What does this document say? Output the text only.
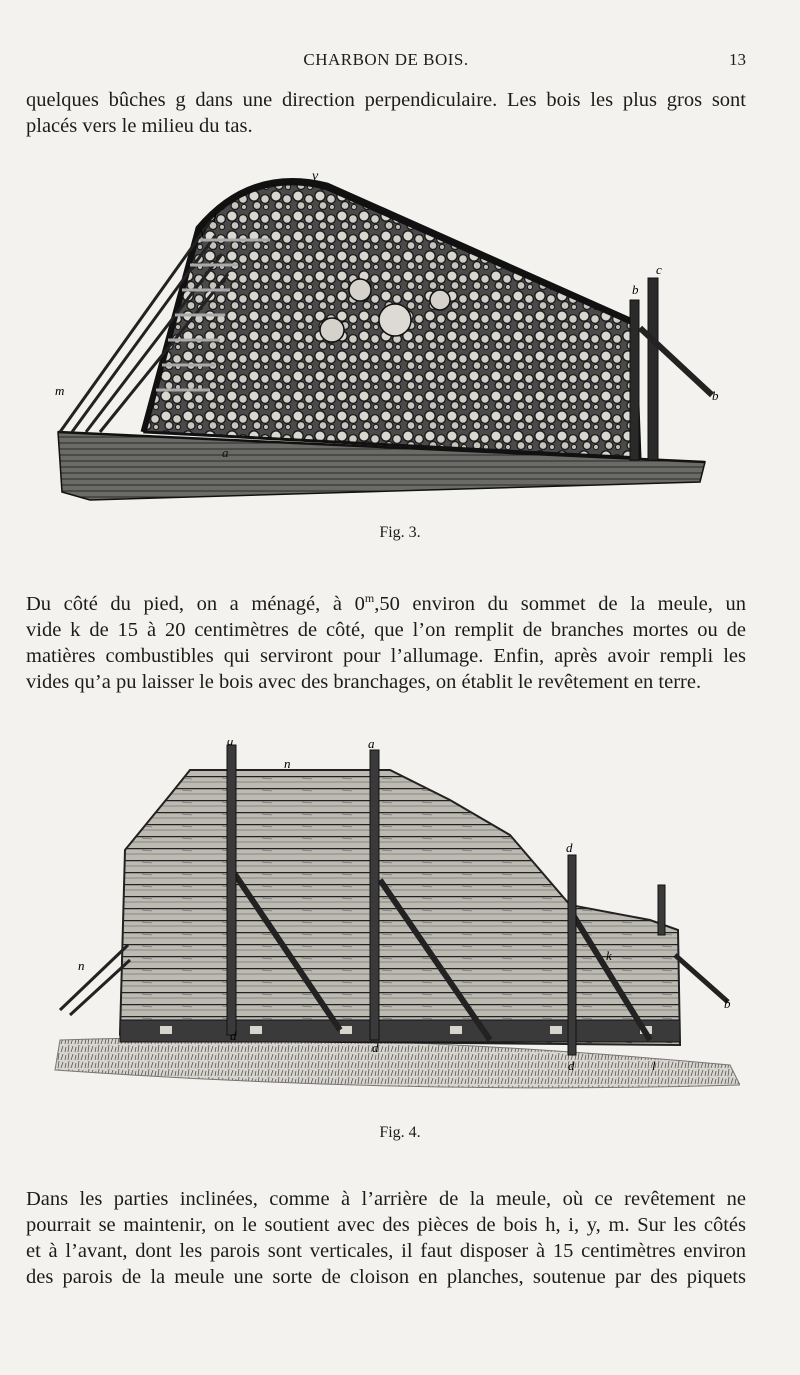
CHARBON DE BOIS.	13
quelques bûches g dans une direction perpendiculaire. Les bois les plus gros sont
placés vers le milieu du tas.
v
l
y
c
b
b
m
a
Fig. 3.
Du côté du pied, on a ménagé, à 0$^m$,50 environ du sommet de la meule, un
vide k de 15 à 20 centimètres de côté, que l’on remplit de branches mortes ou de
matières combustibles qui serviront pour l’allumage. Enfin, après avoir rempli les
vides qu’a pu laisser le bois avec des branchages, on établit le revêtement en terre.
n
a	a
d
n
k
b
d
d
d	l
Fig. 4.
Dans les parties inclinées, comme à l’arrière de la meule, où ce revêtement ne
pourrait se maintenir, on le soutient avec des pièces de bois h, i, y, m. Sur les côtés
et à l’avant, dont les parois sont verticales, il faut disposer à 15 centimètres environ
des parois de la meule une sorte de cloison en planches, soutenue par des piquets
